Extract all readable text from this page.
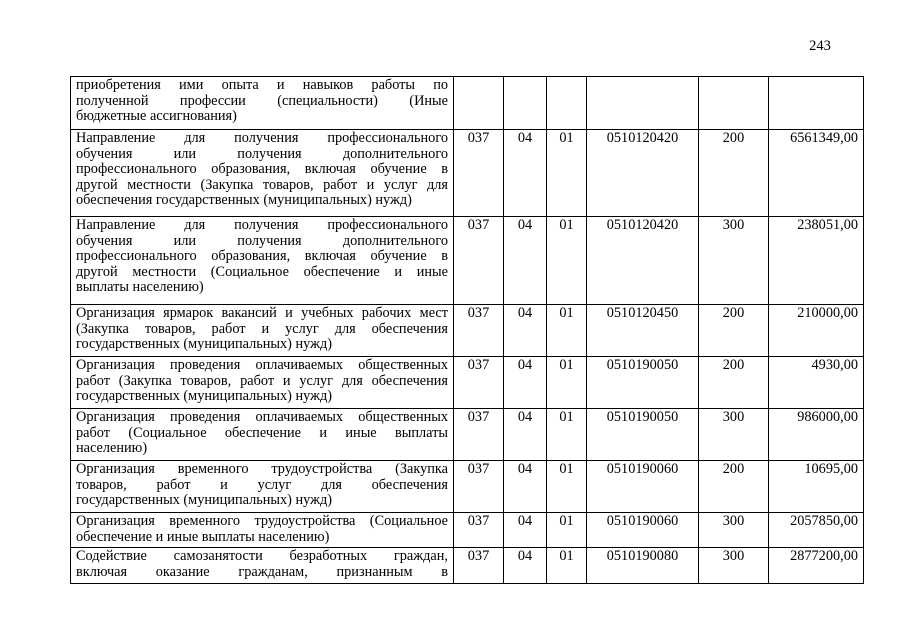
243
приобретения ими опыта и навыков работы по
полученной профессии (специальности) (Иные
бюджетные ассигнования)						

Направление для получения профессионального
обучения или получения дополнительного
профессионального образования, включая обучение в
другой местности (Закупка товаров, работ и услуг для
обеспечения государственных (муниципальных) нужд)	037	04	01	0510120420	200	6561349,00

Направление для получения профессионального
обучения или получения дополнительного
профессионального образования, включая обучение в
другой местности (Социальное обеспечение и иные
выплаты населению)	037	04	01	0510120420	300	238051,00

Организация ярмарок вакансий и учебных рабочих мест
(Закупка товаров, работ и услуг для обеспечения
государственных (муниципальных) нужд)	037	04	01	0510120450	200	210000,00

Организация проведения оплачиваемых общественных
работ (Закупка товаров, работ и услуг для обеспечения
государственных (муниципальных) нужд)	037	04	01	0510190050	200	4930,00

Организация проведения оплачиваемых общественных
работ (Социальное обеспечение и иные выплаты
населению)	037	04	01	0510190050	300	986000,00

Организация временного трудоустройства (Закупка
товаров, работ и услуг для обеспечения
государственных (муниципальных) нужд)	037	04	01	0510190060	200	10695,00

Организация временного трудоустройства (Социальное
обеспечение и иные выплаты населению)	037	04	01	0510190060	300	2057850,00

Содействие самозанятости безработных граждан,
включая оказание гражданам, признанным в	037	04	01	0510190080	300	2877200,00
